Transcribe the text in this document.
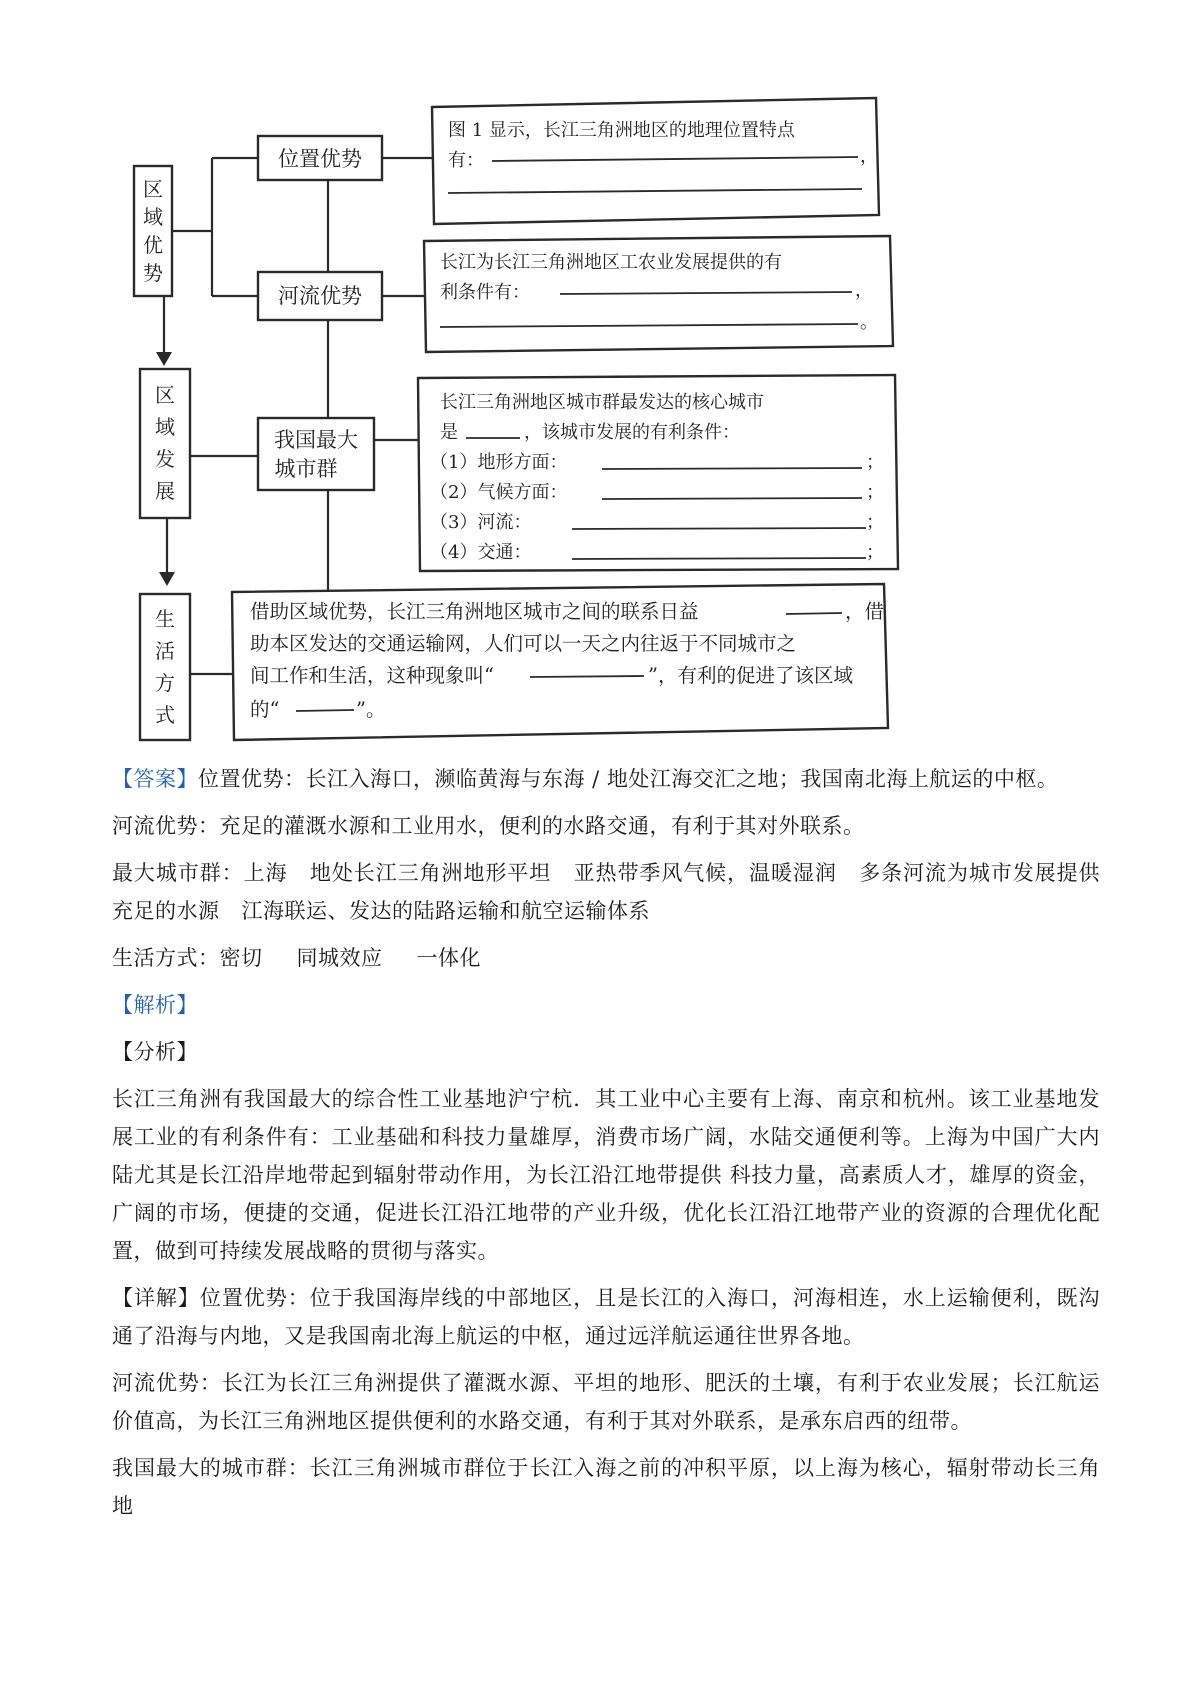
区
域
优
势
区
域
发
展
生
活
方
式
位置优势
河流优势
我国最大
城市群
图 1 显示，长江三角洲地区的地理位置特点
有：	，
长江为长江三角洲地区工农业发展提供的有
利条件有：	，
。
长江三角洲地区城市群最发达的核心城市
是	，该城市发展的有利条件：
（1）地形方面：
（2）气候方面：
（3）河流：
（4）交通：
；
；
；
；
借助区域优势，长江三角洲地区城市之间的联系日益	，借
助本区发达的交通运输网，人们可以一天之内往返于不同城市之
间工作和生活，这种现象叫“	”，有利的促进了该区域
的“	”。

【答案】位置优势：长江入海口，濒临黄海与东海 / 地处江海交汇之地；我国南北海上航运的中枢。

河流优势：充足的灌溉水源和工业用水，便利的水路交通，有利于其对外联系。

最大城市群：上海 地处长江三角洲地形平坦 亚热带季风气候，温暖湿润 多条河流为城市发展提供充足的水源 江海联运、发达的陆路运输和航空运输体系

生活方式：密切 同城效应 一体化

【解析】

【分析】

长江三角洲有我国最大的综合性工业基地沪宁杭．其工业中心主要有上海、南京和杭州。该工业基地发展工业的有利条件有：工业基础和科技力量雄厚，消费市场广阔，水陆交通便利等。上海为中国广大内陆尤其是长江沿岸地带起到辐射带动作用，为长江沿江地带提供 科技力量，高素质人才，雄厚的资金，广阔的市场，便捷的交通，促进长江沿江地带的产业升级，优化长江沿江地带产业的资源的合理优化配置，做到可持续发展战略的贯彻与落实。

【详解】位置优势：位于我国海岸线的中部地区，且是长江的入海口，河海相连，水上运输便利，既沟通了沿海与内地，又是我国南北海上航运的中枢，通过远洋航运通往世界各地。

河流优势：长江为长江三角洲提供了灌溉水源、平坦的地形、肥沃的土壤，有利于农业发展；长江航运价值高，为长江三角洲地区提供便利的水路交通，有利于其对外联系，是承东启西的纽带。

我国最大的城市群：长江三角洲城市群位于长江入海之前的冲积平原，以上海为核心，辐射带动长三角地
